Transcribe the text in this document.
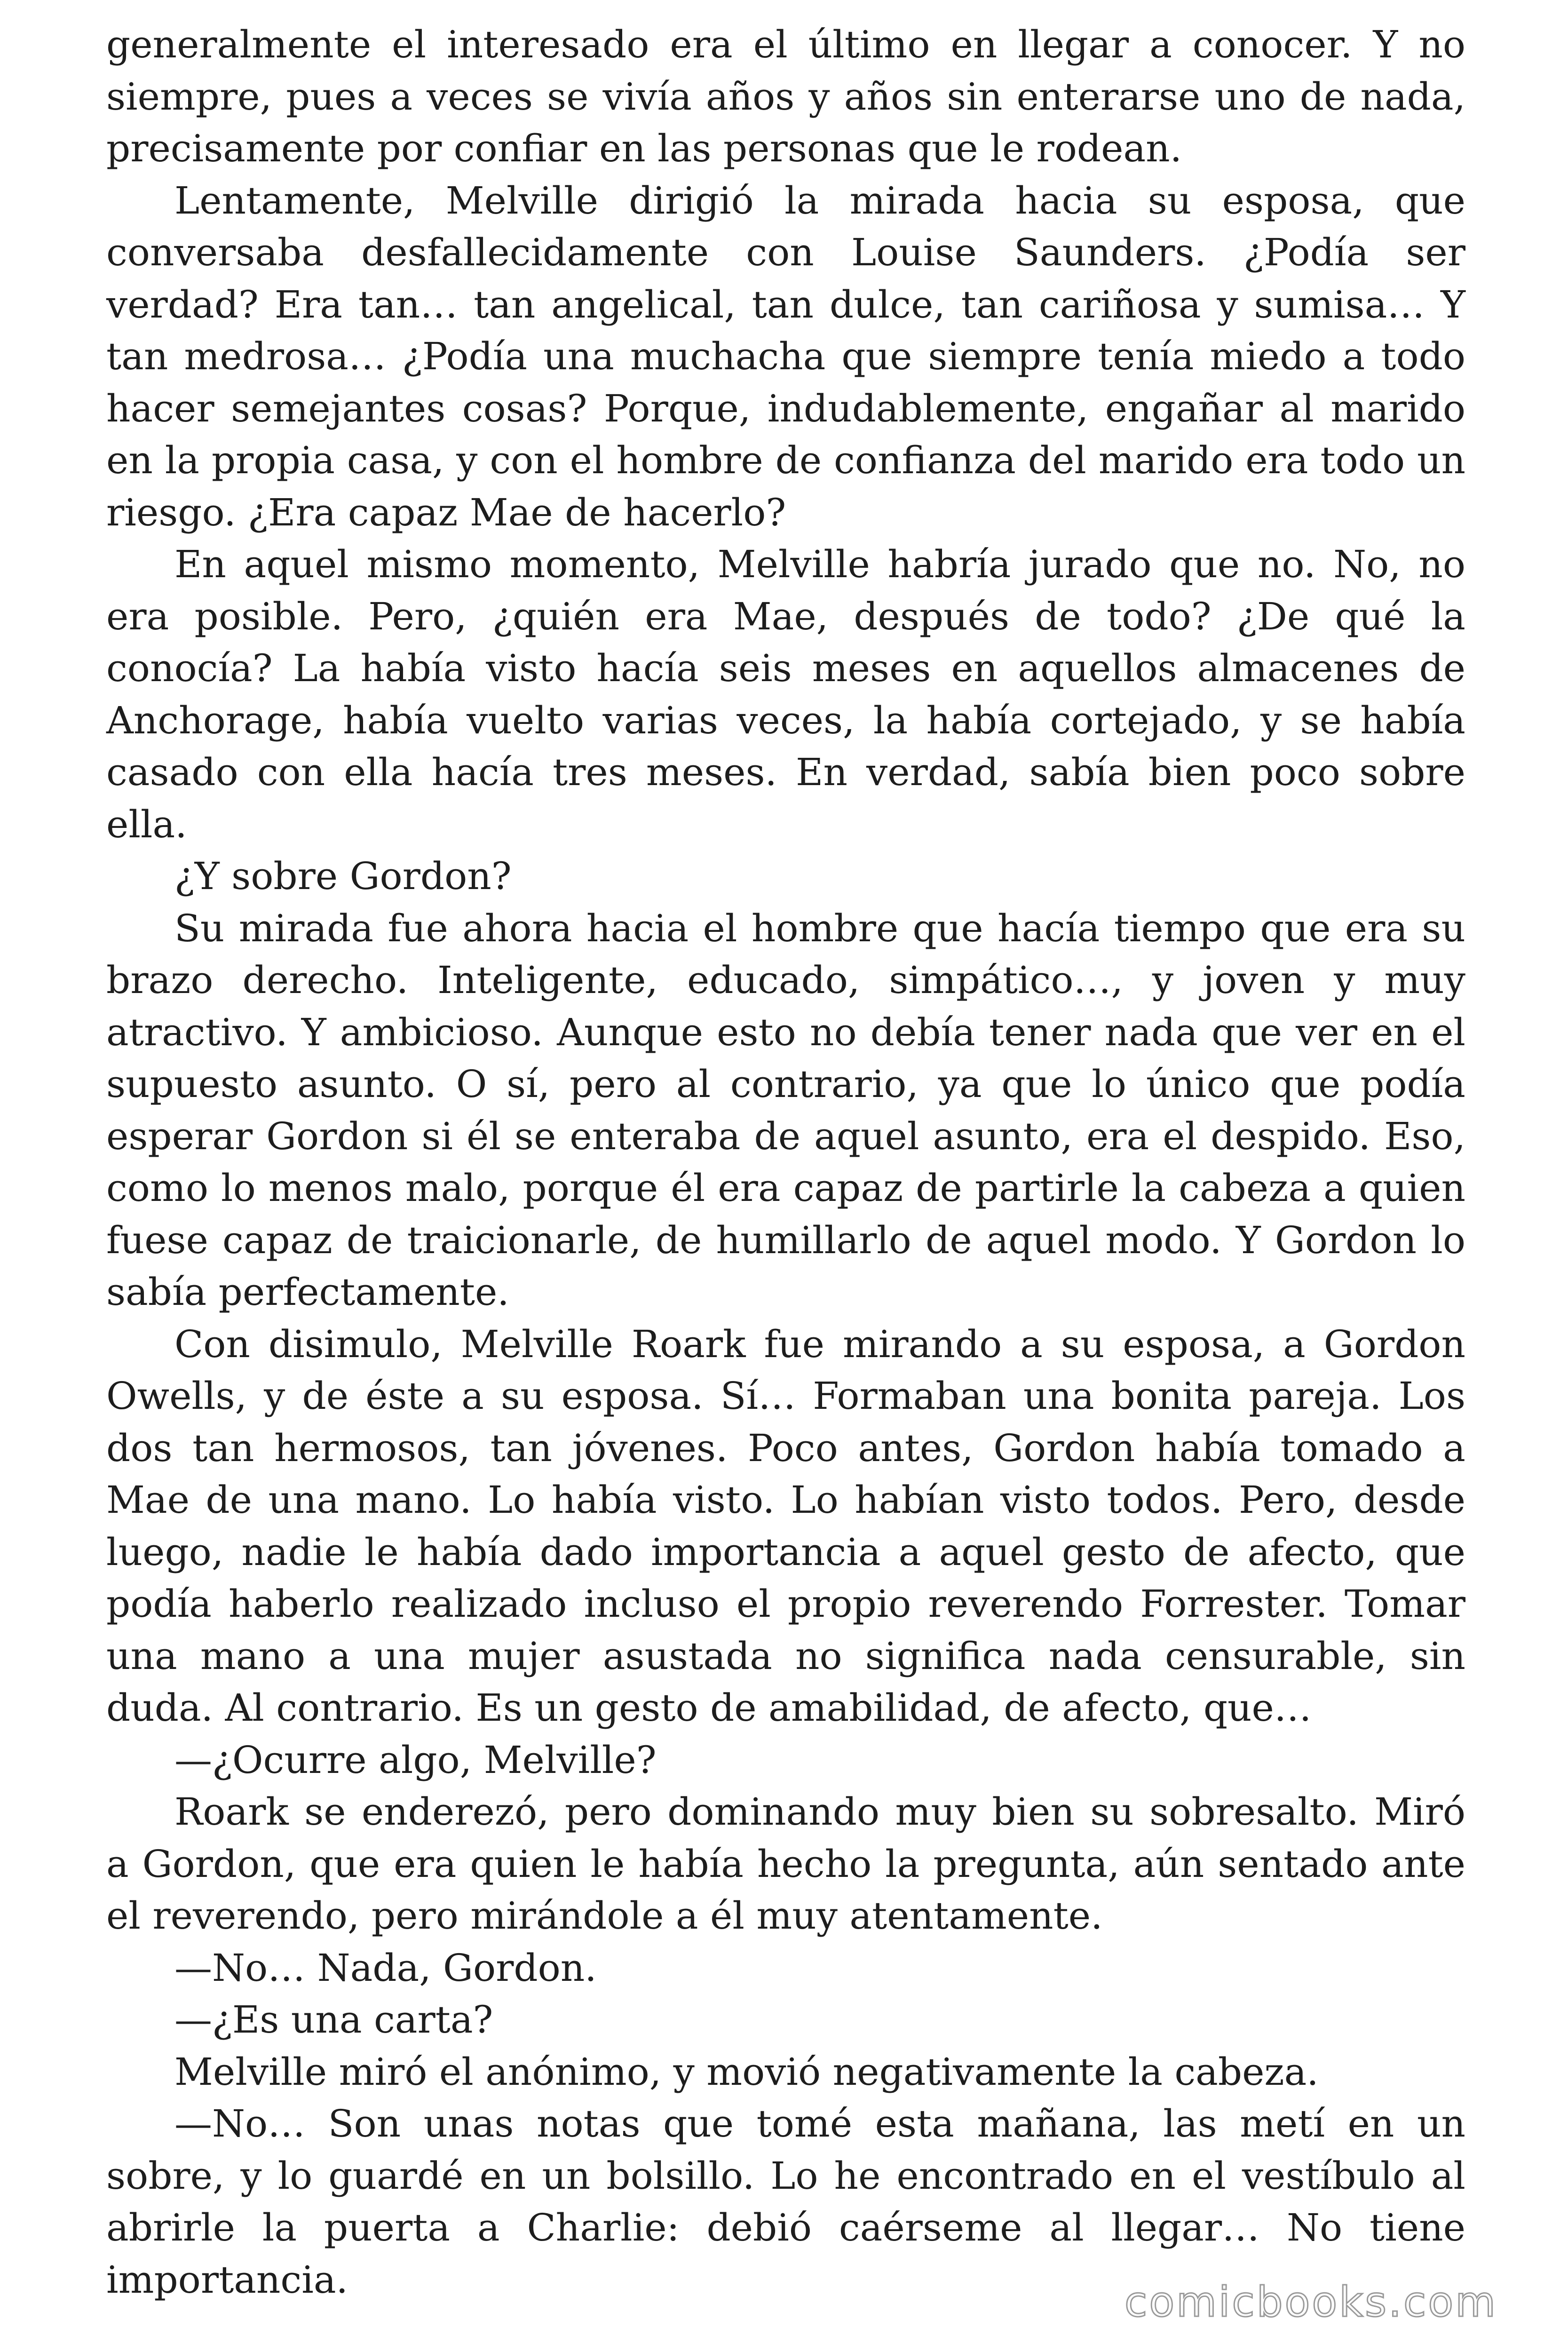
generalmente el interesado era el último en llegar a conocer. Y no siempre, pues a veces se vivía años y años sin enterarse uno de nada, precisamente por confiar en las personas que le rodean.

Lentamente, Melville dirigió la mirada hacia su esposa, que conversaba desfallecidamente con Louise Saunders. ¿Podía ser verdad? Era tan… tan angelical, tan dulce, tan cariñosa y sumisa… Y tan medrosa… ¿Podía una muchacha que siempre tenía miedo a todo hacer semejantes cosas? Porque, indudablemente, engañar al marido en la propia casa, y con el hombre de confianza del marido era todo un riesgo. ¿Era capaz Mae de hacerlo?

En aquel mismo momento, Melville habría jurado que no. No, no era posible. Pero, ¿quién era Mae, después de todo? ¿De qué la conocía? La había visto hacía seis meses en aquellos almacenes de Anchorage, había vuelto varias veces, la había cortejado, y se había casado con ella hacía tres meses. En verdad, sabía bien poco sobre ella.

¿Y sobre Gordon?

Su mirada fue ahora hacia el hombre que hacía tiempo que era su brazo derecho. Inteligente, educado, simpático…, y joven y muy atractivo. Y ambicioso. Aunque esto no debía tener nada que ver en el supuesto asunto. O sí, pero al contrario, ya que lo único que podía esperar Gordon si él se enteraba de aquel asunto, era el despido. Eso, como lo menos malo, porque él era capaz de partirle la cabeza a quien fuese capaz de traicionarle, de humillarlo de aquel modo. Y Gordon lo sabía perfectamente.

Con disimulo, Melville Roark fue mirando a su esposa, a Gordon Owells, y de éste a su esposa. Sí… Formaban una bonita pareja. Los dos tan hermosos, tan jóvenes. Poco antes, Gordon había tomado a Mae de una mano. Lo había visto. Lo habían visto todos. Pero, desde luego, nadie le había dado importancia a aquel gesto de afecto, que podía haberlo realizado incluso el propio reverendo Forrester. Tomar una mano a una mujer asustada no significa nada censurable, sin duda. Al contrario. Es un gesto de amabilidad, de afecto, que…

—¿Ocurre algo, Melville?

Roark se enderezó, pero dominando muy bien su sobresalto. Miró a Gordon, que era quien le había hecho la pregunta, aún sentado ante el reverendo, pero mirándole a él muy atentamente.

—No… Nada, Gordon.

—¿Es una carta?

Melville miró el anónimo, y movió negativamente la cabeza.

—No… Son unas notas que tomé esta mañana, las metí en un sobre, y lo guardé en un bolsillo. Lo he encontrado en el vestíbulo al abrirle la puerta a Charlie: debió caérseme al llegar… No tiene importancia.	comicbooks.com
